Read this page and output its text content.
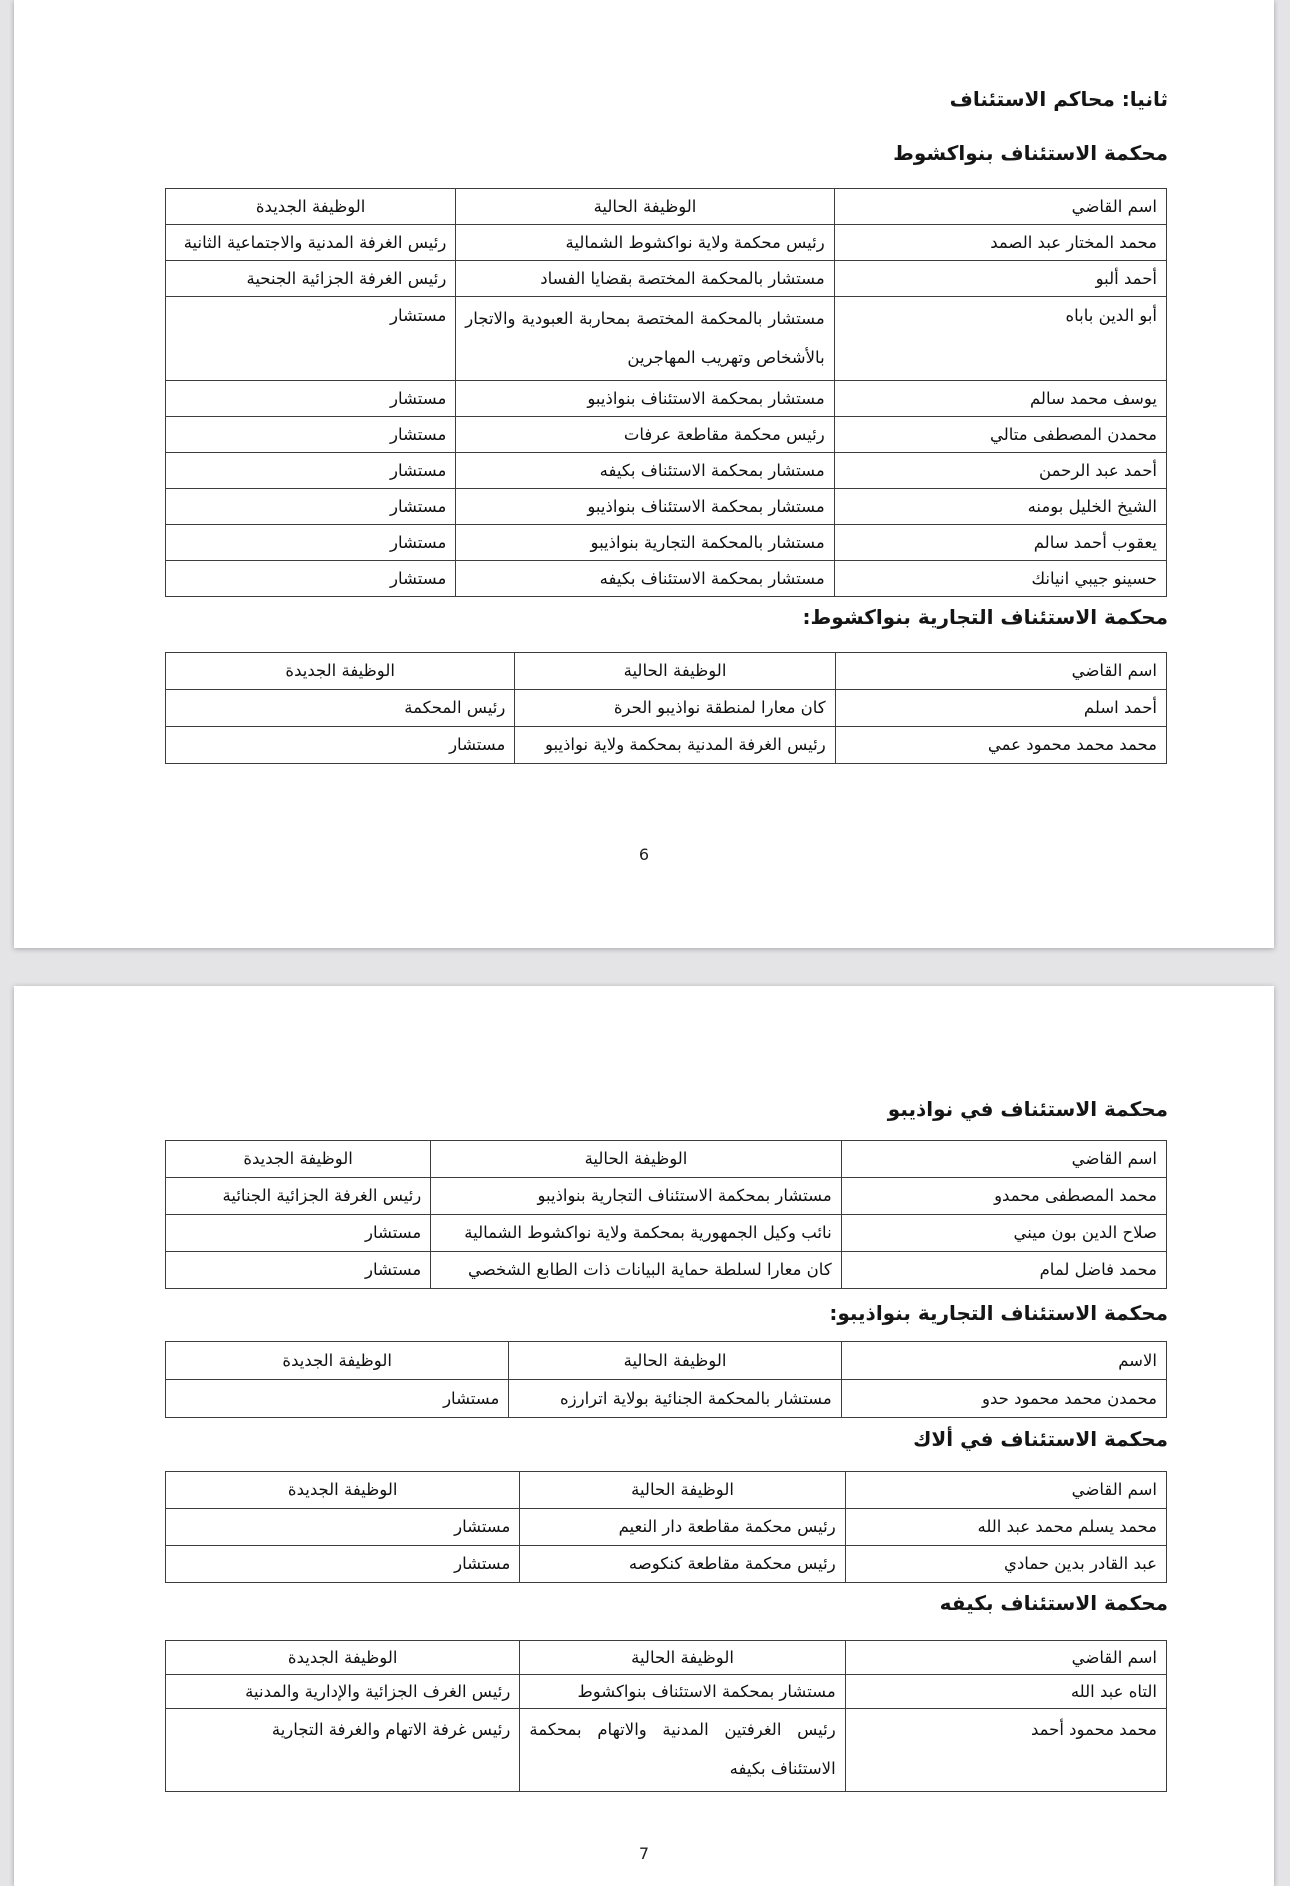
ثانيا: محاكم الاستئناف
محكمة الاستئناف بنواكشوط
اسم القاضي	الوظيفة الحالية	الوظيفة الجديدة
محمد المختار عبد الصمد	رئيس محكمة ولاية نواكشوط الشمالية	رئيس الغرفة المدنية والاجتماعية الثانية
أحمد ألبو	مستشار بالمحكمة المختصة بقضايا الفساد	رئيس الغرفة الجزائية الجنحية
أبو الدين باباه	مستشار بالمحكمة المختصة بمحاربة العبودية والاتجار بالأشخاص وتهريب المهاجرين	مستشار
يوسف محمد سالم	مستشار بمحكمة الاستئناف بنواذيبو	مستشار
محمدن المصطفى متالي	رئيس محكمة مقاطعة عرفات	مستشار
أحمد عبد الرحمن	مستشار بمحكمة الاستئناف بكيفه	مستشار
الشيخ الخليل بومنه	مستشار بمحكمة الاستئناف بنواذيبو	مستشار
يعقوب أحمد سالم	مستشار بالمحكمة التجارية بنواذيبو	مستشار
حسينو جيبي انيانك	مستشار بمحكمة الاستئناف بكيفه	مستشار
محكمة الاستئناف التجارية بنواكشوط:
اسم القاضي	الوظيفة الحالية	الوظيفة الجديدة
أحمد اسلم	كان معارا لمنطقة نواذيبو الحرة	رئيس المحكمة
محمد محمد محمود عمي	رئيس الغرفة المدنية بمحكمة ولاية نواذيبو	مستشار
6
محكمة الاستئناف في نواذيبو
اسم القاضي	الوظيفة الحالية	الوظيفة الجديدة
محمد المصطفى محمدو	مستشار بمحكمة الاستئناف التجارية بنواذيبو	رئيس الغرفة الجزائية الجنائية
صلاح الدين بون ميني	نائب وكيل الجمهورية بمحكمة ولاية نواكشوط الشمالية	مستشار
محمد فاضل لمام	كان معارا لسلطة حماية البيانات ذات الطابع الشخصي	مستشار
محكمة الاستئناف التجارية بنواذيبو:
الاسم	الوظيفة الحالية	الوظيفة الجديدة
محمدن محمد محمود حدو	مستشار بالمحكمة الجنائية بولاية اترارزه	مستشار
محكمة الاستئناف في ألاك
اسم القاضي	الوظيفة الحالية	الوظيفة الجديدة
محمد يسلم محمد عبد الله	رئيس محكمة مقاطعة دار النعيم	مستشار
عبد القادر بدين حمادي	رئيس محكمة مقاطعة كنكوصه	مستشار
محكمة الاستئناف بكيفه
اسم القاضي	الوظيفة الحالية	الوظيفة الجديدة
التاه عبد الله	مستشار بمحكمة الاستئناف بنواكشوط	رئيس الغرف الجزائية والإدارية والمدنية
محمد محمود أحمد	رئيس الغرفتين المدنية والاتهام بمحكمة الاستئناف بكيفه	رئيس غرفة الاتهام والغرفة التجارية
7
